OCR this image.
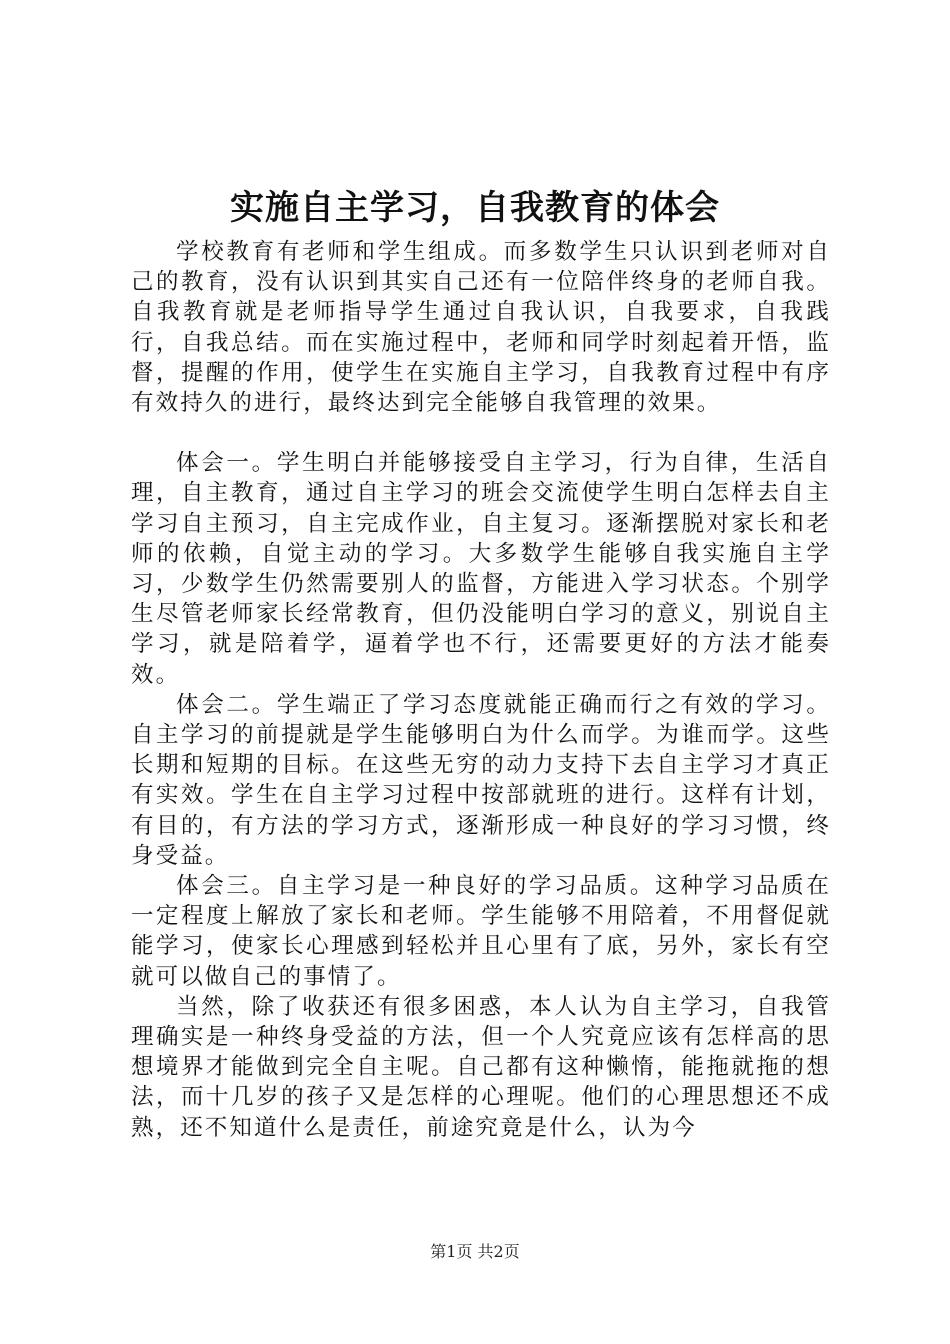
实施自主学习，自我教育的体会

学校教育有老师和学生组成。而多数学生只认识到老师对自己的教育，没有认识到其实自己还有一位陪伴终身的老师自我。自我教育就是老师指导学生通过自我认识，自我要求，自我践行，自我总结。而在实施过程中，老师和同学时刻起着开悟，监督，提醒的作用，使学生在实施自主学习，自我教育过程中有序有效持久的进行，最终达到完全能够自我管理的效果。

体会一。学生明白并能够接受自主学习，行为自律，生活自理，自主教育，通过自主学习的班会交流使学生明白怎样去自主学习自主预习，自主完成作业，自主复习。逐渐摆脱对家长和老师的依赖，自觉主动的学习。大多数学生能够自我实施自主学习，少数学生仍然需要别人的监督，方能进入学习状态。个别学生尽管老师家长经常教育，但仍没能明白学习的意义，别说自主学习，就是陪着学，逼着学也不行，还需要更好的方法才能奏效。

体会二。学生端正了学习态度就能正确而行之有效的学习。自主学习的前提就是学生能够明白为什么而学。为谁而学。这些长期和短期的目标。在这些无穷的动力支持下去自主学习才真正有实效。学生在自主学习过程中按部就班的进行。这样有计划，有目的，有方法的学习方式，逐渐形成一种良好的学习习惯，终身受益。

体会三。自主学习是一种良好的学习品质。这种学习品质在一定程度上解放了家长和老师。学生能够不用陪着，不用督促就能学习，使家长心理感到轻松并且心里有了底，另外，家长有空就可以做自己的事情了。

当然，除了收获还有很多困惑，本人认为自主学习，自我管理确实是一种终身受益的方法，但一个人究竟应该有怎样高的思想境界才能做到完全自主呢。自己都有这种懒惰，能拖就拖的想法，而十几岁的孩子又是怎样的心理呢。他们的心理思想还不成熟，还不知道什么是责任，前途究竟是什么，认为今

第1页 共2页
